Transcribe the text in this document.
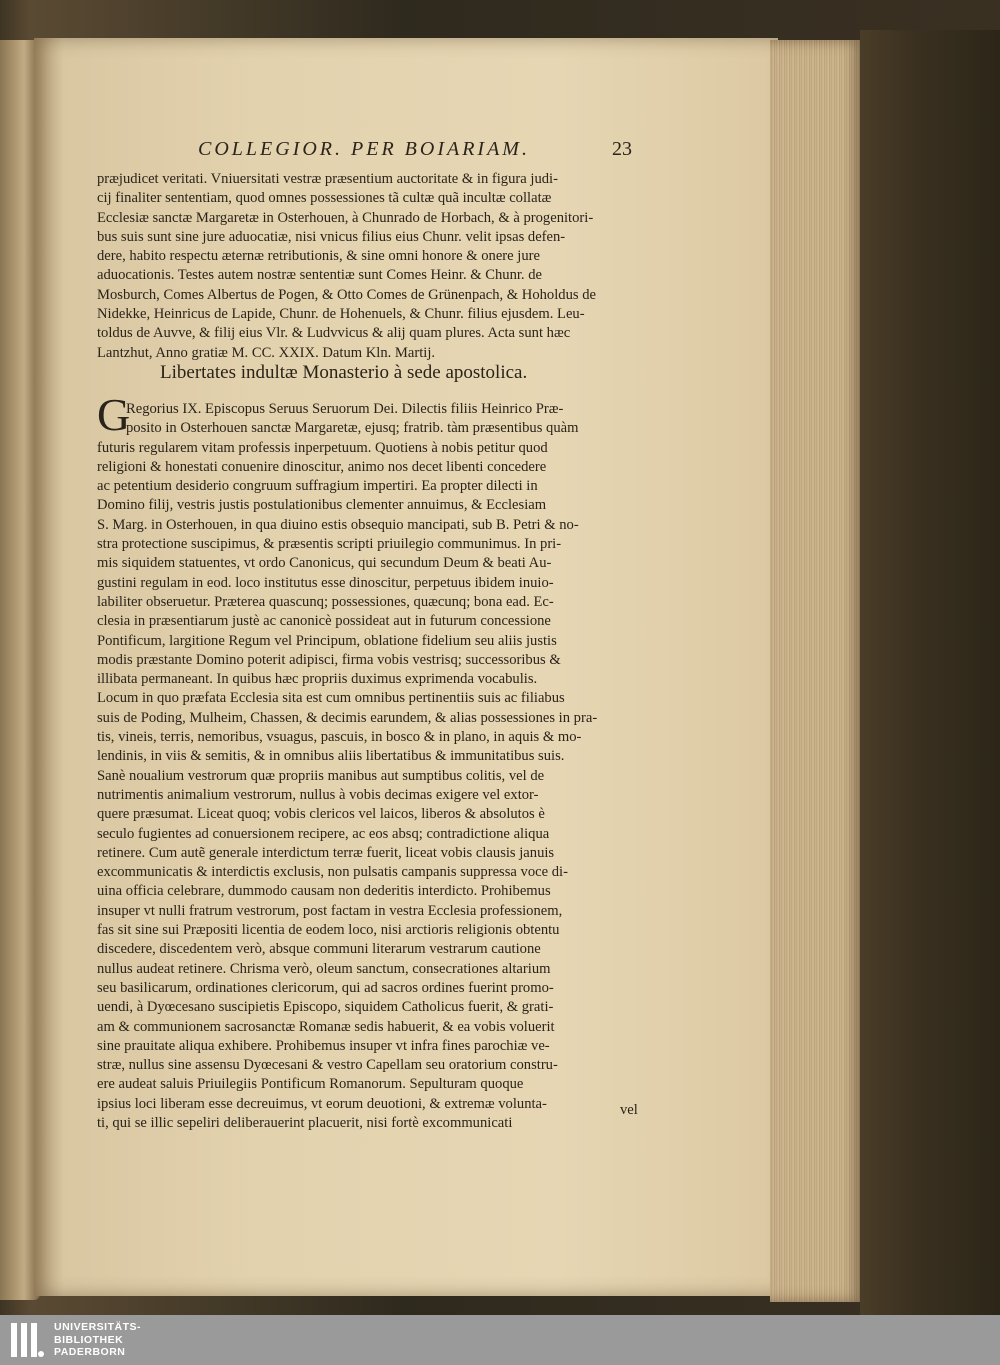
COLLEGIOR. PER BOIARIAM.	23
præjudicet veritati. Vniuersitati vestræ præsentium auctoritate & in figura judi-
cij finaliter sententiam, quod omnes possessiones tã cultæ quã incultæ collatæ
Ecclesiæ sanctæ Margaretæ in Osterhouen, à Chunrado de Horbach, & à progenitori-
bus suis sunt sine jure aduocatiæ, nisi vnicus filius eius Chunr. velit ipsas defen-
dere, habito respectu æternæ retributionis, & sine omni honore & onere jure
aduocationis. Testes autem nostræ sententiæ sunt Comes Heinr. & Chunr. de
Mosburch, Comes Albertus de Pogen, & Otto Comes de Grünenpach, & Hoholdus de
Nidekke, Heinricus de Lapide, Chunr. de Hohenuels, & Chunr. filius ejusdem. Leu-
toldus de Auvve, & filij eius Vlr. & Ludvvicus & alij quam plures. Acta sunt hæc
Lantzhut, Anno gratiæ M. CC. XXIX. Datum Kln. Martij.
Libertates indultæ Monasterio à sede apostolica.
G
Regorius IX. Episcopus Seruus Seruorum Dei. Dilectis filiis Heinrico Præ-
posito in Osterhouen sanctæ Margaretæ, ejusq; fratrib. tàm præsentibus quàm
futuris regularem vitam professis inperpetuum. Quotiens à nobis petitur quod
religioni & honestati conuenire dinoscitur, animo nos decet libenti concedere
ac petentium desiderio congruum suffragium impertiri. Ea propter dilecti in
Domino filij, vestris justis postulationibus clementer annuimus, & Ecclesiam
S. Marg. in Osterhouen, in qua diuino estis obsequio mancipati, sub B. Petri & no-
stra protectione suscipimus, & præsentis scripti priuilegio communimus. In pri-
mis siquidem statuentes, vt ordo Canonicus, qui secundum Deum & beati Au-
gustini regulam in eod. loco institutus esse dinoscitur, perpetuus ibidem inuio-
labiliter obseruetur. Præterea quascunq; possessiones, quæcunq; bona ead. Ec-
clesia in præsentiarum justè ac canonicè possideat aut in futurum concessione
Pontificum, largitione Regum vel Principum, oblatione fidelium seu aliis justis
modis præstante Domino poterit adipisci, firma vobis vestrisq; successoribus &
illibata permaneant. In quibus hæc propriis duximus exprimenda vocabulis.
Locum in quo præfata Ecclesia sita est cum omnibus pertinentiis suis ac filiabus
suis de Poding, Mulheim, Chassen, & decimis earundem, & alias possessiones in pra-
tis, vineis, terris, nemoribus, vsuagus, pascuis, in bosco & in plano, in aquis & mo-
lendinis, in viis & semitis, & in omnibus aliis libertatibus & immunitatibus suis.
Sanè noualium vestrorum quæ propriis manibus aut sumptibus colitis, vel de
nutrimentis animalium vestrorum, nullus à vobis decimas exigere vel extor-
quere præsumat. Liceat quoq; vobis clericos vel laicos, liberos & absolutos è
seculo fugientes ad conuersionem recipere, ac eos absq; contradictione aliqua
retinere. Cum autẽ generale interdictum terræ fuerit, liceat vobis clausis januis
excommunicatis & interdictis exclusis, non pulsatis campanis suppressa voce di-
uina officia celebrare, dummodo causam non dederitis interdicto. Prohibemus
insuper vt nulli fratrum vestrorum, post factam in vestra Ecclesia professionem,
fas sit sine sui Præpositi licentia de eodem loco, nisi arctioris religionis obtentu
discedere, discedentem verò, absque communi literarum vestrarum cautione
nullus audeat retinere. Chrisma verò, oleum sanctum, consecrationes altarium
seu basilicarum, ordinationes clericorum, qui ad sacros ordines fuerint promo-
uendi, à Dyœcesano suscipietis Episcopo, siquidem Catholicus fuerit, & grati-
am & communionem sacrosanctæ Romanæ sedis habuerit, & ea vobis voluerit
sine prauitate aliqua exhibere. Prohibemus insuper vt infra fines parochiæ ve-
stræ, nullus sine assensu Dyœcesani & vestro Capellam seu oratorium constru-
ere audeat saluis Priuilegiis Pontificum Romanorum. Sepulturam quoque
ipsius loci liberam esse decreuimus, vt eorum deuotioni, & extremæ volunta-
ti, qui se illic sepeliri deliberauerint placuerit, nisi fortè excommunicati
vel
UNIVERSITÄTS-
BIBLIOTHEK
PADERBORN
